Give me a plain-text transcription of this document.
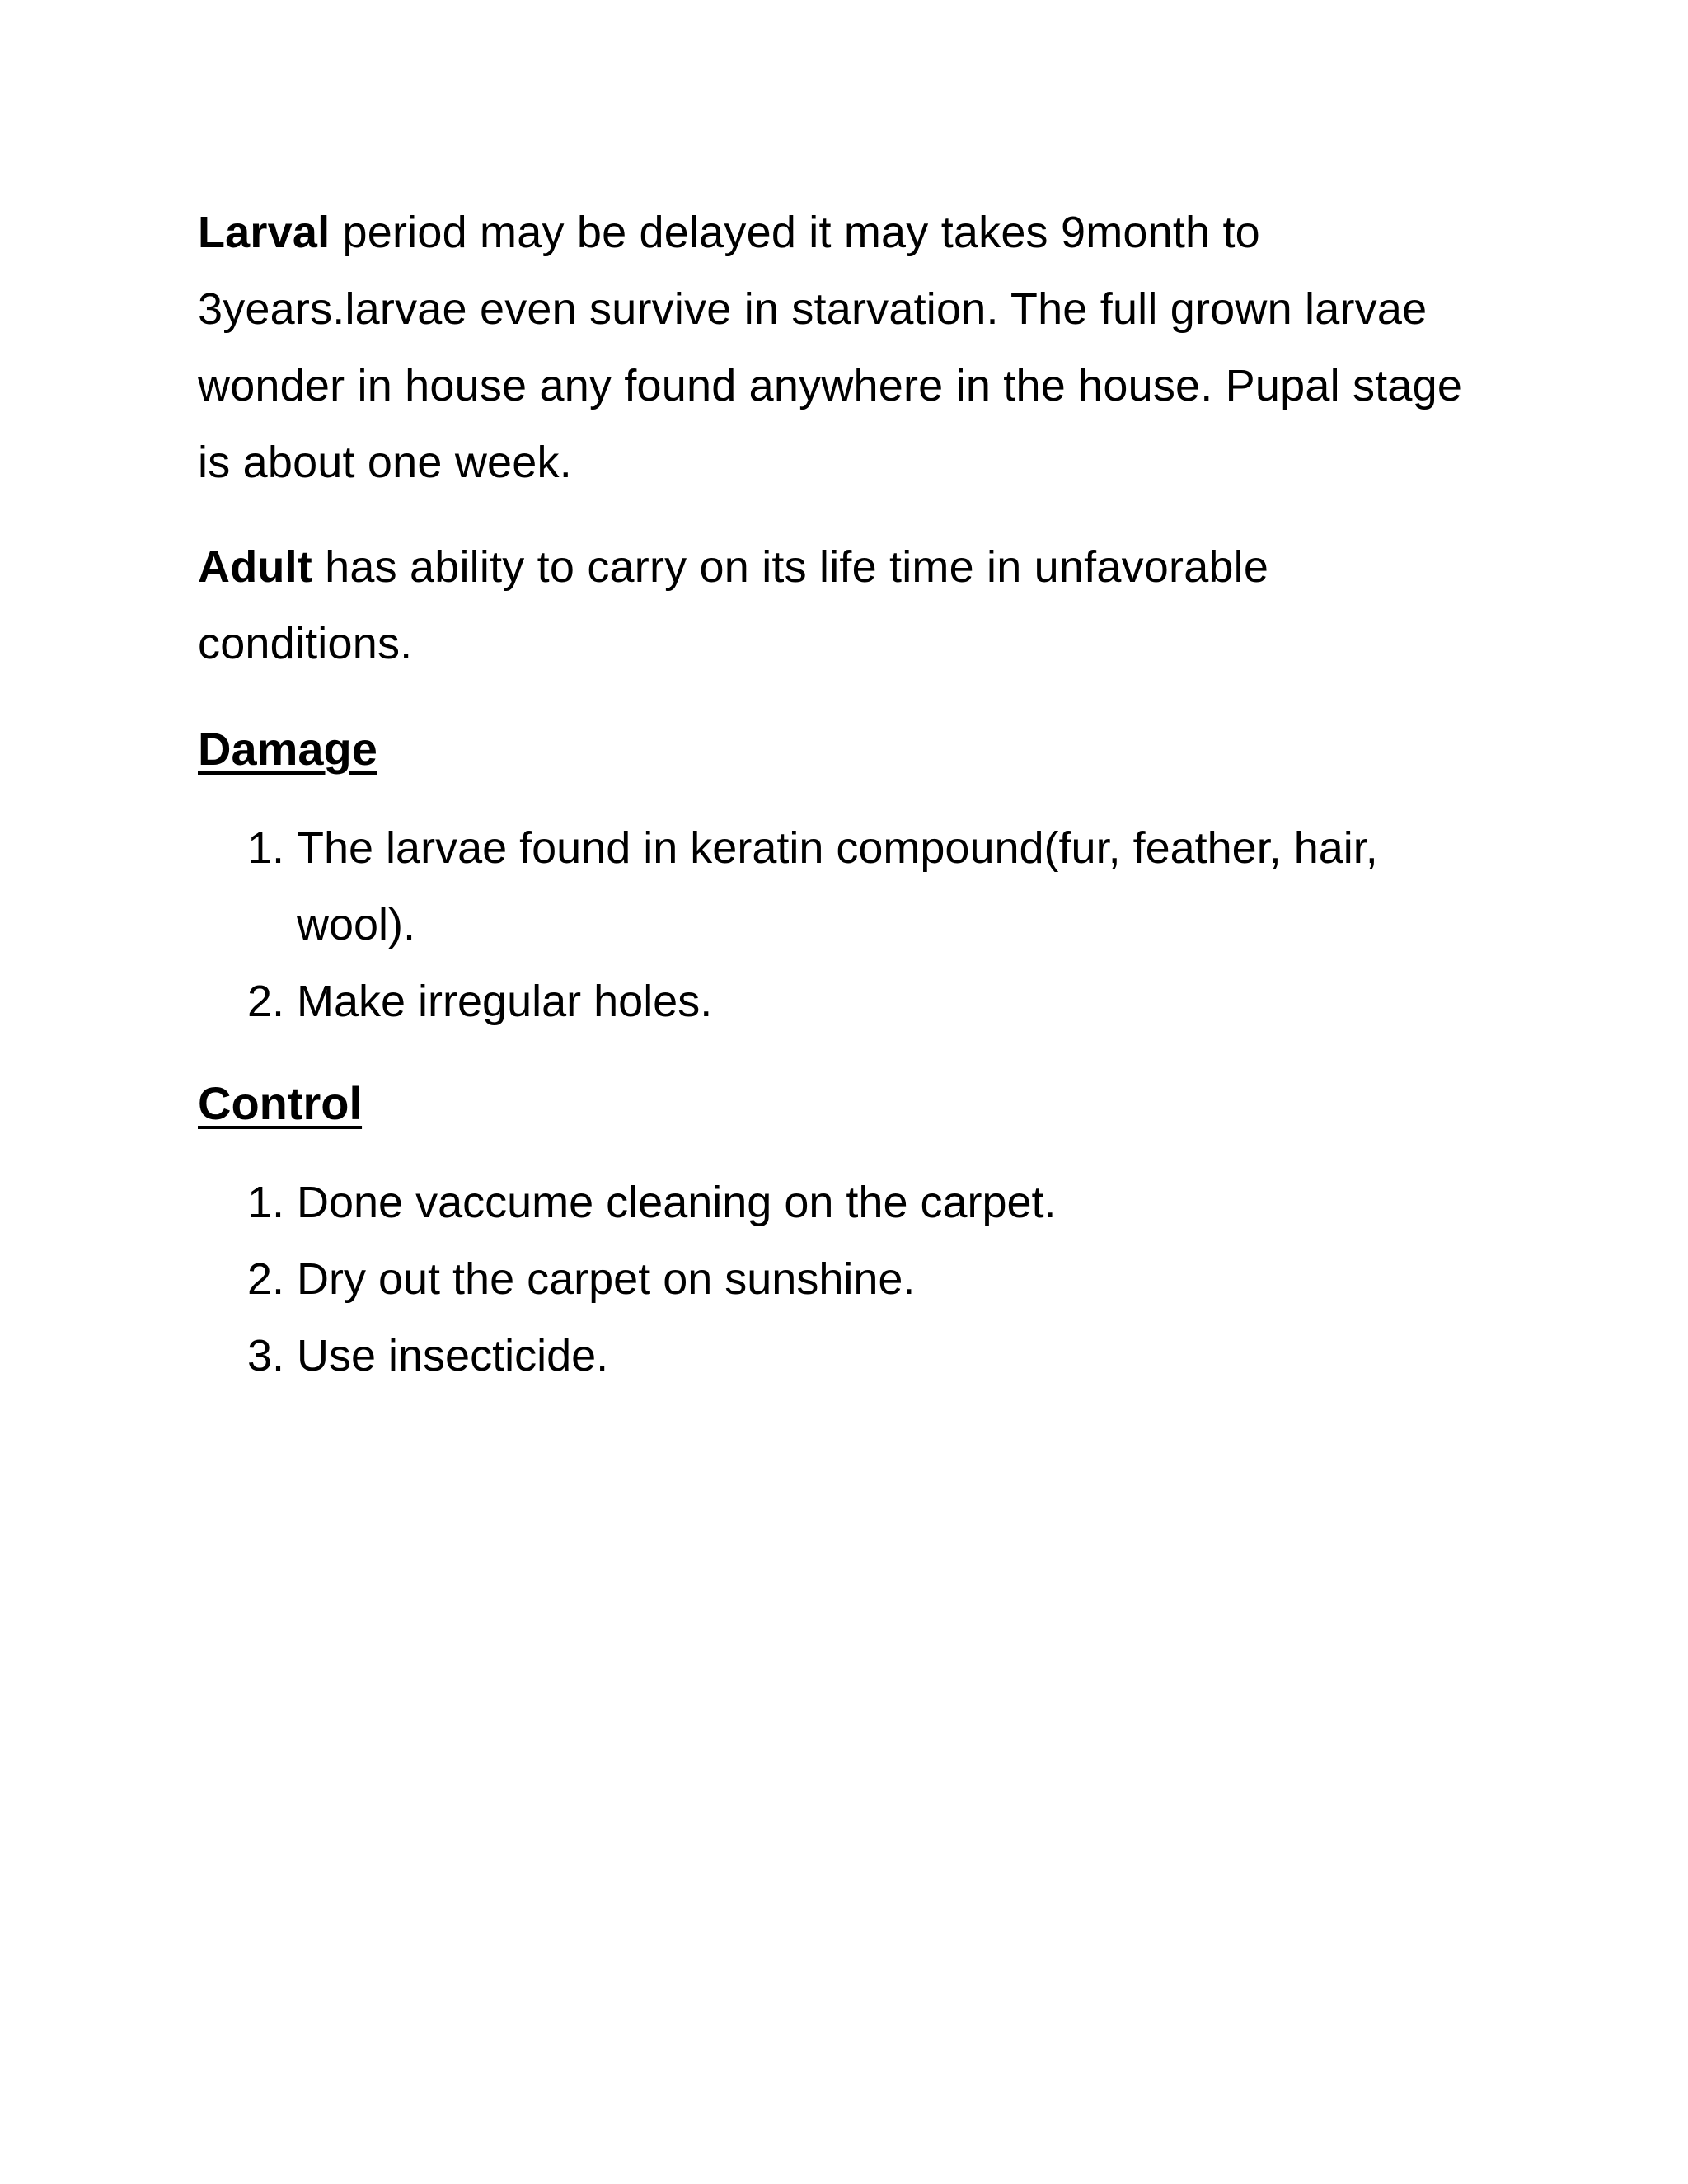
Larval period may be delayed it may takes 9month to 3years.larvae even survive in starvation. The full grown larvae wonder in house any found anywhere in the house. Pupal stage is about one week.

Adult has ability to carry on its life time in unfavorable conditions.

Damage
1. The larvae found in keratin compound(fur, feather, hair, wool).
2. Make irregular holes.
Control
1. Done vaccume cleaning on the carpet.
2. Dry out the carpet on sunshine.
3. Use insecticide.
